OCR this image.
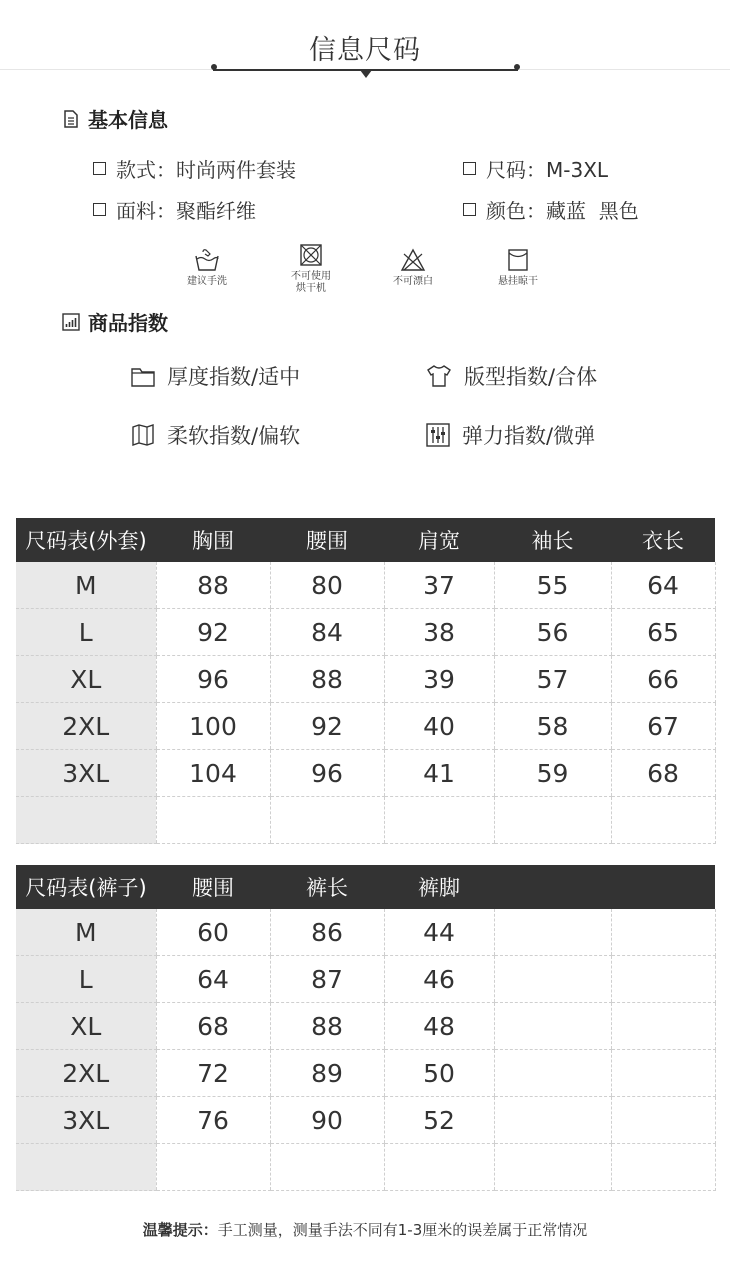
信息尺码
基本信息
款式：时尚两件套装	尺码：M-3XL
面料：聚酯纤维	颜色：藏蓝  黑色
建议手洗	不可使用
烘干机
不可漂白	悬挂晾干
商品指数
厚度指数/适中	版型指数/合体
柔软指数/偏软	弹力指数/微弹
尺码表(外套)	胸围	腰围	肩宽	袖长	衣长
M	88	80	37	55	64
L	92	84	38	56	65
XL	96	88	39	57	66
2XL	100	92	40	58	67
3XL	104	96	41	59	68

尺码表(裤子)	腰围	裤长	裤脚		
M	60	86	44		
L	64	87	46		
XL	68	88	48		
2XL	72	89	50		
3XL	76	90	52		

温馨提示：手工测量，测量手法不同有1-3厘米的误差属于正常情况
